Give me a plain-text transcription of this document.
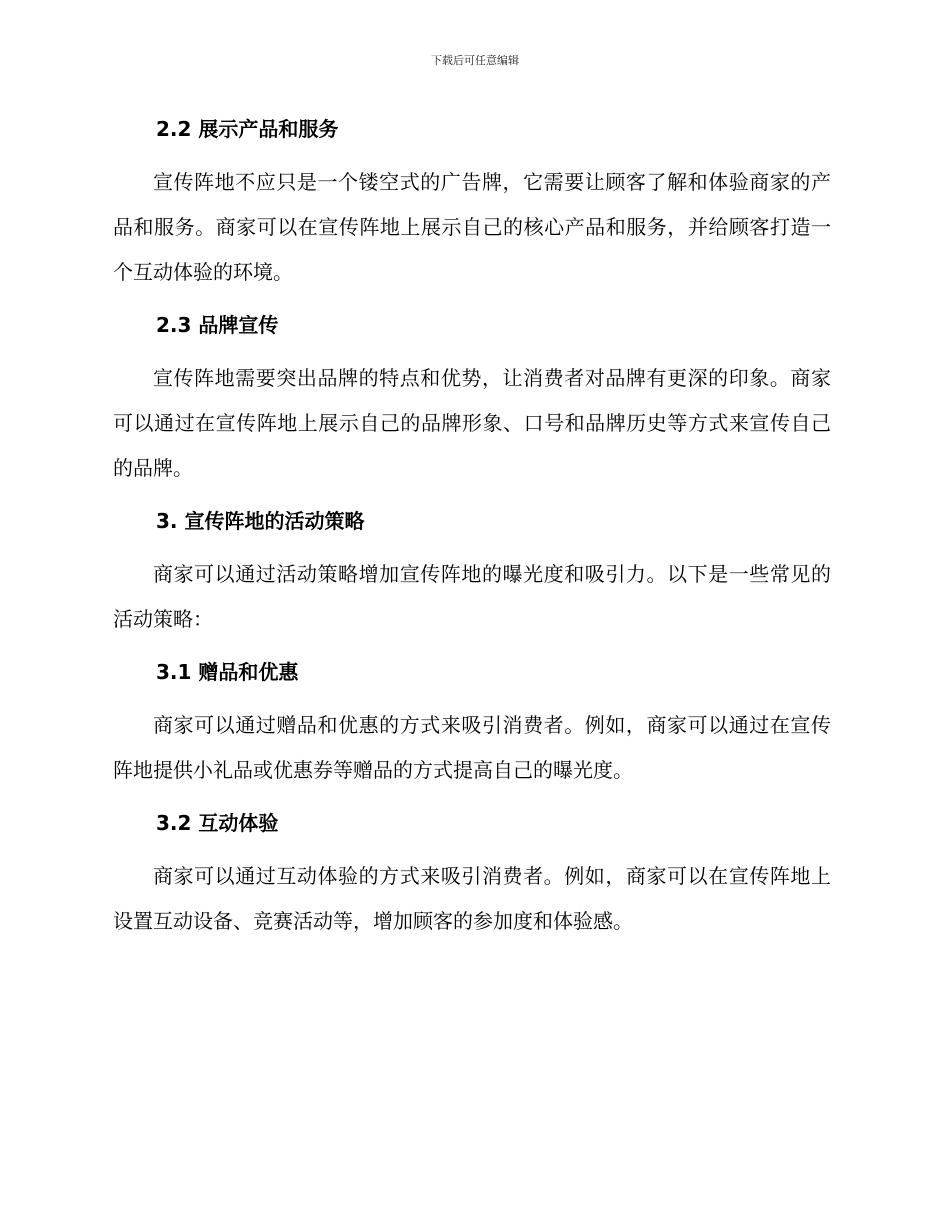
下载后可任意编辑
2.2 展示产品和服务

宣传阵地不应只是一个镂空式的广告牌，它需要让顾客了解和体验商家的产品和服务。商家可以在宣传阵地上展示自己的核心产品和服务，并给顾客打造一个互动体验的环境。

2.3 品牌宣传

宣传阵地需要突出品牌的特点和优势，让消费者对品牌有更深的印象。商家可以通过在宣传阵地上展示自己的品牌形象、口号和品牌历史等方式来宣传自己的品牌。

3. 宣传阵地的活动策略

商家可以通过活动策略增加宣传阵地的曝光度和吸引力。以下是一些常见的活动策略：

3.1 赠品和优惠

商家可以通过赠品和优惠的方式来吸引消费者。例如，商家可以通过在宣传阵地提供小礼品或优惠券等赠品的方式提高自己的曝光度。

3.2 互动体验

商家可以通过互动体验的方式来吸引消费者。例如，商家可以在宣传阵地上设置互动设备、竞赛活动等，增加顾客的参加度和体验感。
